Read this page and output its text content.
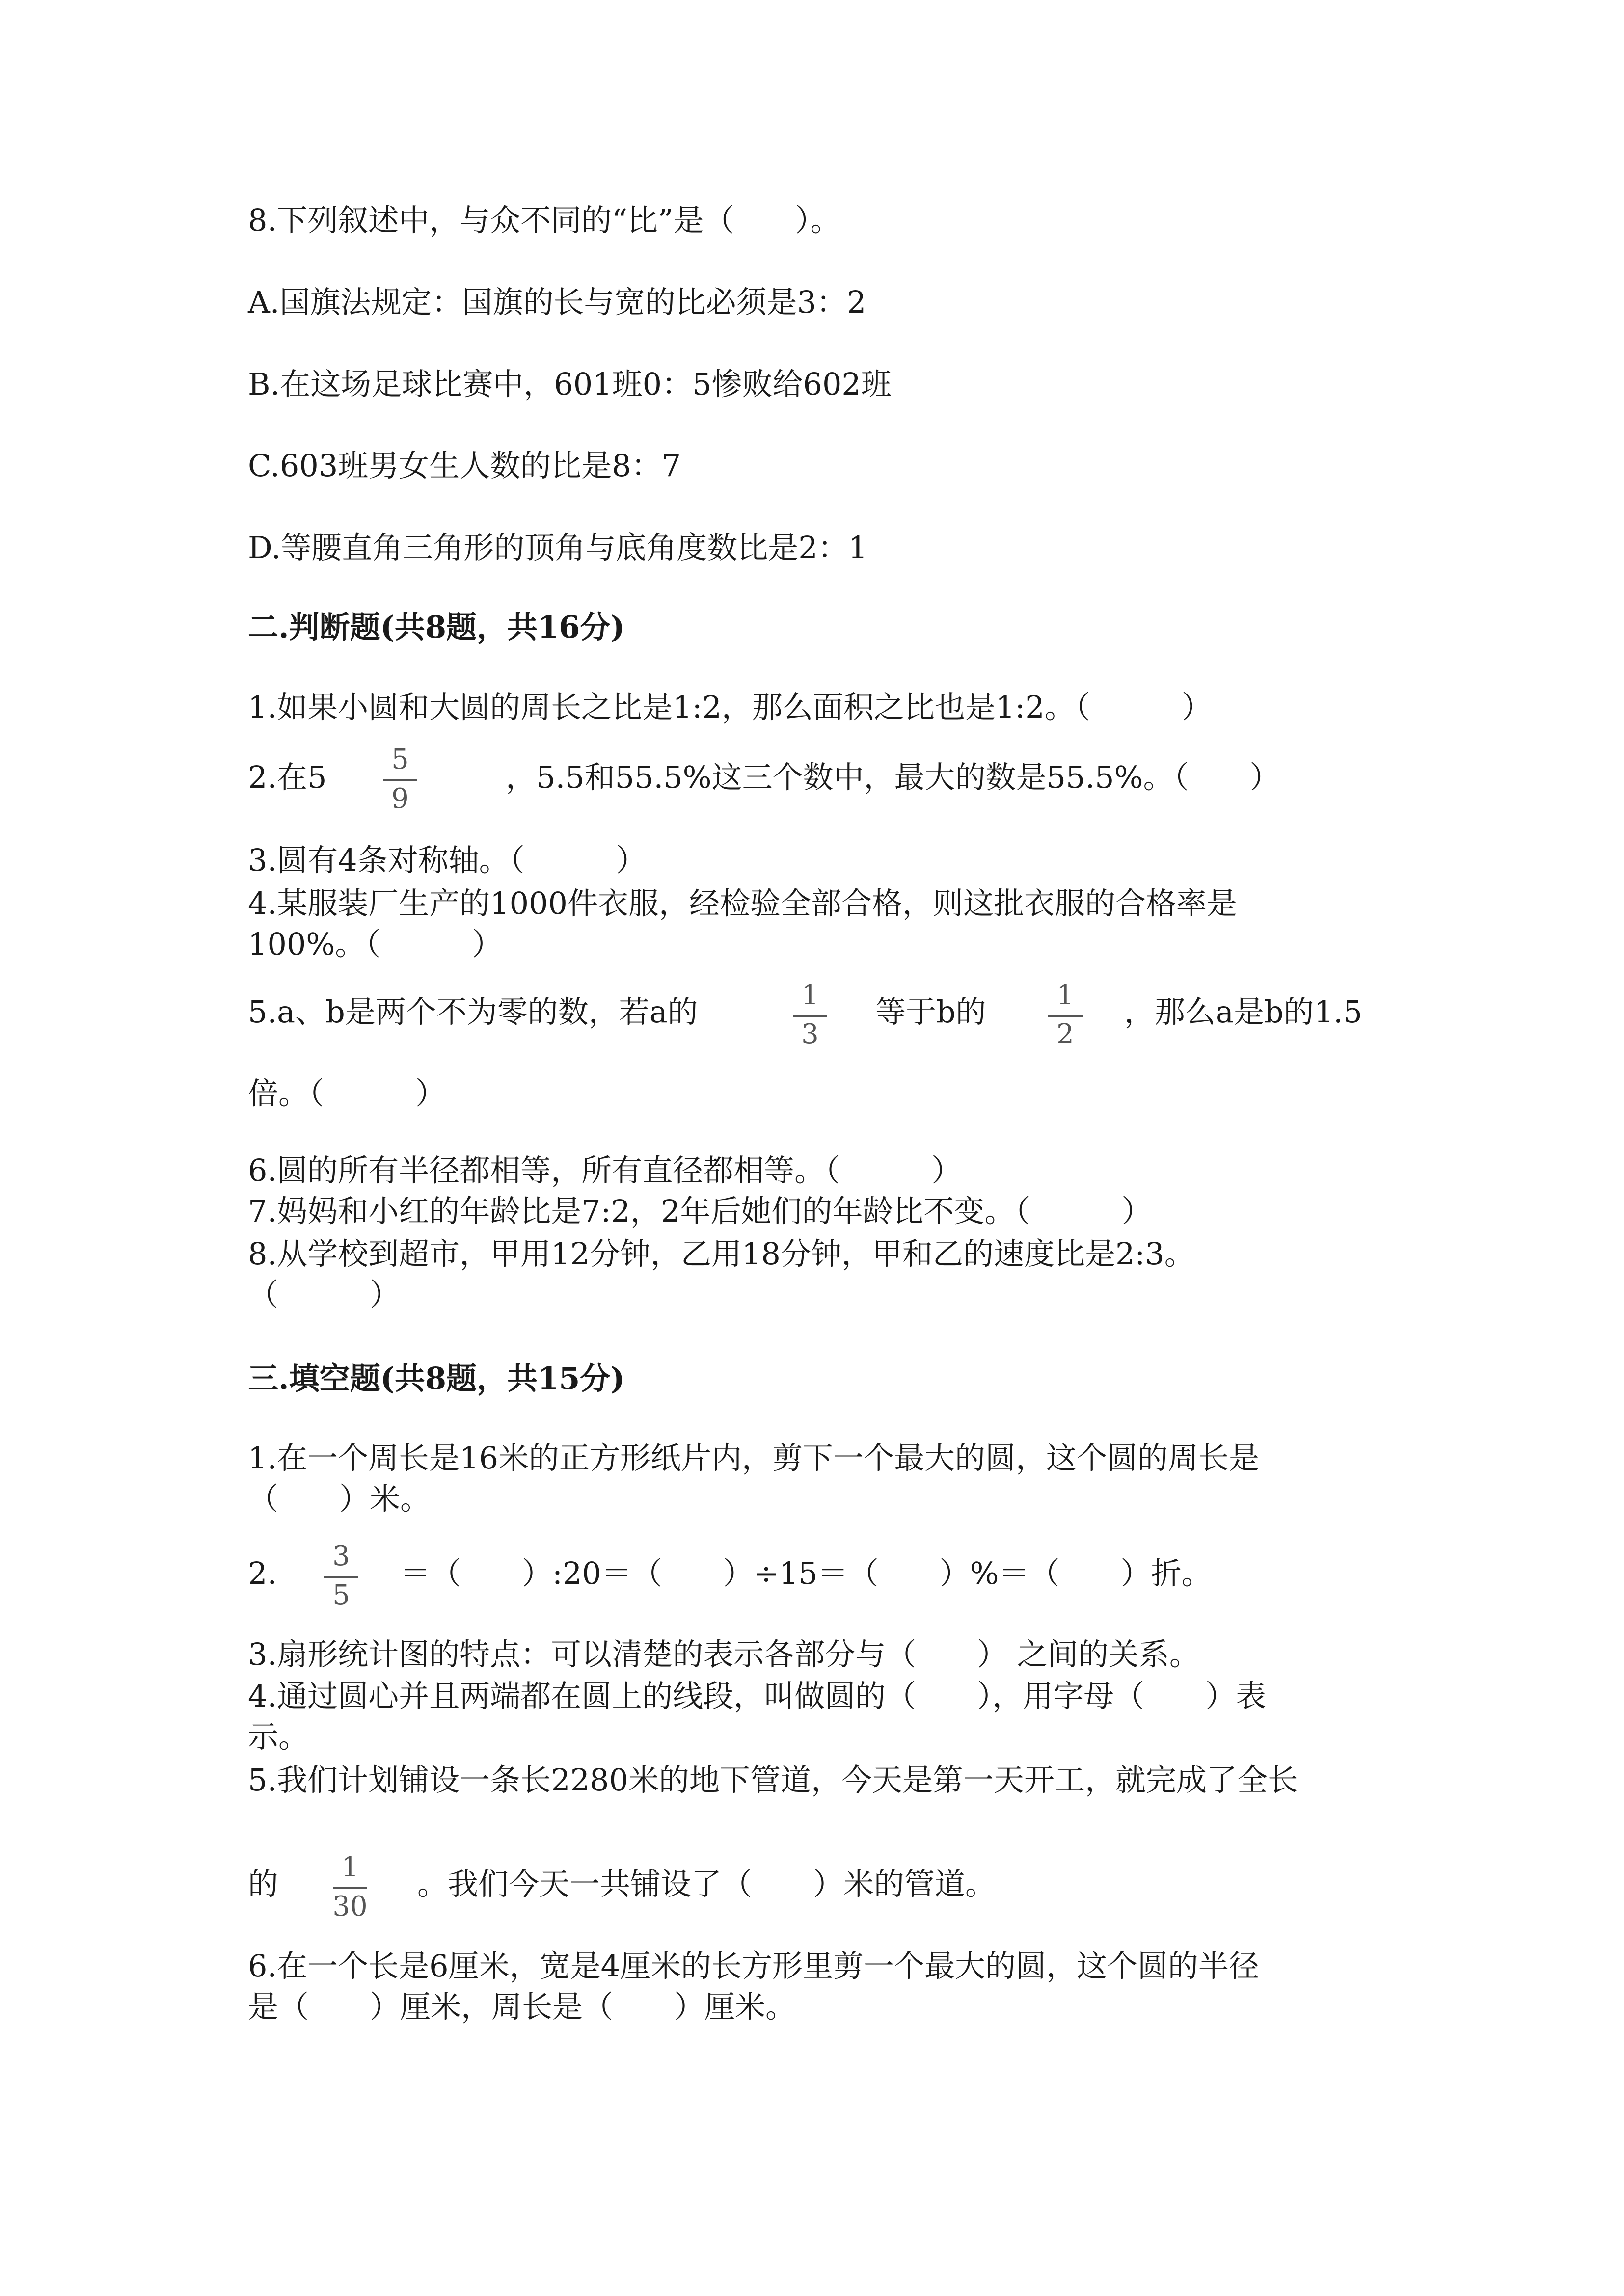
8.下列叙述中，与众不同的“比”是（　　）。
A.国旗法规定：国旗的长与宽的比必须是3：2
B.在这场足球比赛中，601班0：5惨败给602班
C.603班男女生人数的比是8：7
D.等腰直角三角形的顶角与底角度数比是2：1
二.判断题(共8题，共16分)
1.如果小圆和大圆的周长之比是1:2，那么面积之比也是1:2。（　　　）
2.在5	5
9
，5.5和55.5%这三个数中，最大的数是55.5%。（　　）
3.圆有4条对称轴。（　　　）
4.某服装厂生产的1000件衣服，经检验全部合格，则这批衣服的合格率是
100%。（　　　）
5.a、b是两个不为零的数，若a的	1
3
等于b的	1
2
，那么a是b的1.5
倍。（　　　）
6.圆的所有半径都相等，所有直径都相等。（　　　）
7.妈妈和小红的年龄比是7:2，2年后她们的年龄比不变。（　　　）
8.从学校到超市，甲用12分钟，乙用18分钟，甲和乙的速度比是2:3。
（　　　）
三.填空题(共8题，共15分)
1.在一个周长是16米的正方形纸片内，剪下一个最大的圆，这个圆的周长是
（　　）米。
2.	3
5
＝（　　）:20＝（　　）÷15＝（　　）%＝（　　）折。
3.扇形统计图的特点：可以清楚的表示各部分与（　　） 之间的关系。
4.通过圆心并且两端都在圆上的线段，叫做圆的（　　），用字母（　　）表
示。
5.我们计划铺设一条长2280米的地下管道，今天是第一天开工，就完成了全长
的	1
30
。我们今天一共铺设了（　　）米的管道。
6.在一个长是6厘米，宽是4厘米的长方形里剪一个最大的圆，这个圆的半径
是（　　）厘米，周长是（　　）厘米。
